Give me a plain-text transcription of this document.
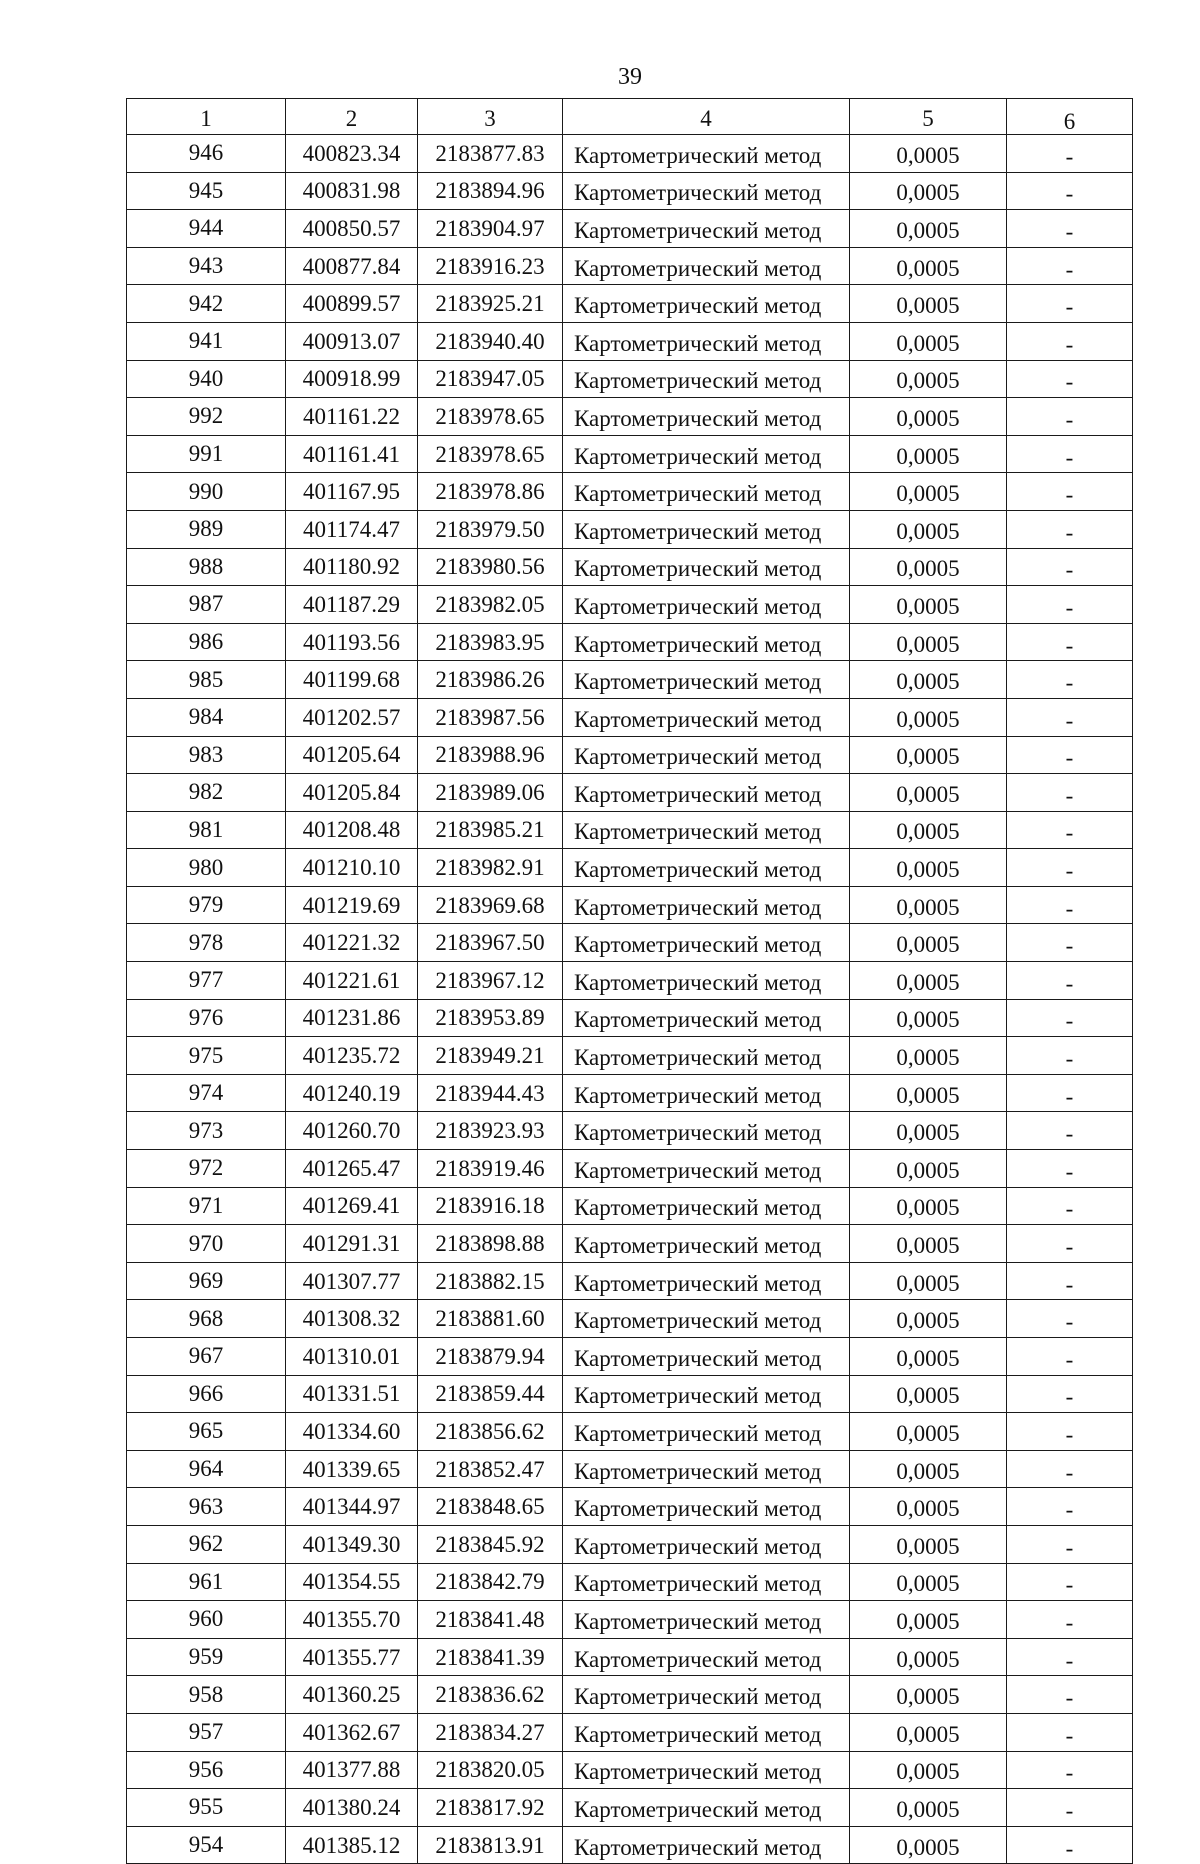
39
1	2	3	4	5	6
946	400823.34	2183877.83	Картометрический метод	0,0005	-
945	400831.98	2183894.96	Картометрический метод	0,0005	-
944	400850.57	2183904.97	Картометрический метод	0,0005	-
943	400877.84	2183916.23	Картометрический метод	0,0005	-
942	400899.57	2183925.21	Картометрический метод	0,0005	-
941	400913.07	2183940.40	Картометрический метод	0,0005	-
940	400918.99	2183947.05	Картометрический метод	0,0005	-
992	401161.22	2183978.65	Картометрический метод	0,0005	-
991	401161.41	2183978.65	Картометрический метод	0,0005	-
990	401167.95	2183978.86	Картометрический метод	0,0005	-
989	401174.47	2183979.50	Картометрический метод	0,0005	-
988	401180.92	2183980.56	Картометрический метод	0,0005	-
987	401187.29	2183982.05	Картометрический метод	0,0005	-
986	401193.56	2183983.95	Картометрический метод	0,0005	-
985	401199.68	2183986.26	Картометрический метод	0,0005	-
984	401202.57	2183987.56	Картометрический метод	0,0005	-
983	401205.64	2183988.96	Картометрический метод	0,0005	-
982	401205.84	2183989.06	Картометрический метод	0,0005	-
981	401208.48	2183985.21	Картометрический метод	0,0005	-
980	401210.10	2183982.91	Картометрический метод	0,0005	-
979	401219.69	2183969.68	Картометрический метод	0,0005	-
978	401221.32	2183967.50	Картометрический метод	0,0005	-
977	401221.61	2183967.12	Картометрический метод	0,0005	-
976	401231.86	2183953.89	Картометрический метод	0,0005	-
975	401235.72	2183949.21	Картометрический метод	0,0005	-
974	401240.19	2183944.43	Картометрический метод	0,0005	-
973	401260.70	2183923.93	Картометрический метод	0,0005	-
972	401265.47	2183919.46	Картометрический метод	0,0005	-
971	401269.41	2183916.18	Картометрический метод	0,0005	-
970	401291.31	2183898.88	Картометрический метод	0,0005	-
969	401307.77	2183882.15	Картометрический метод	0,0005	-
968	401308.32	2183881.60	Картометрический метод	0,0005	-
967	401310.01	2183879.94	Картометрический метод	0,0005	-
966	401331.51	2183859.44	Картометрический метод	0,0005	-
965	401334.60	2183856.62	Картометрический метод	0,0005	-
964	401339.65	2183852.47	Картометрический метод	0,0005	-
963	401344.97	2183848.65	Картометрический метод	0,0005	-
962	401349.30	2183845.92	Картометрический метод	0,0005	-
961	401354.55	2183842.79	Картометрический метод	0,0005	-
960	401355.70	2183841.48	Картометрический метод	0,0005	-
959	401355.77	2183841.39	Картометрический метод	0,0005	-
958	401360.25	2183836.62	Картометрический метод	0,0005	-
957	401362.67	2183834.27	Картометрический метод	0,0005	-
956	401377.88	2183820.05	Картометрический метод	0,0005	-
955	401380.24	2183817.92	Картометрический метод	0,0005	-
954	401385.12	2183813.91	Картометрический метод	0,0005	-
